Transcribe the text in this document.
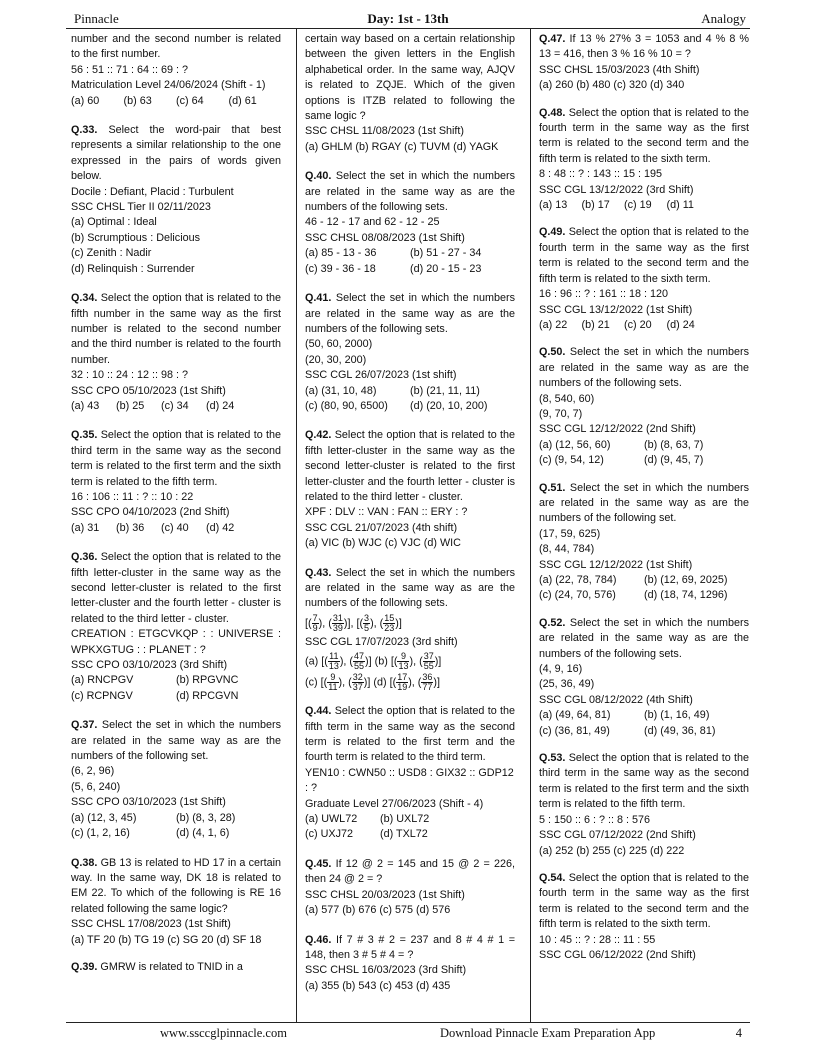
Pinnacle	Day: 1st - 13th	Analogy

number and the second number is related to the first number.

56 : 51 :: 71 : 64 :: 69 : ?

Matriculation Level 24/06/2024 (Shift - 1)

(a) 60	(b) 63	(c) 64	(d) 61

Q.33. Select the word-pair that best represents a similar relationship to the one expressed in the pairs of words given below.

Docile : Defiant, Placid : Turbulent

SSC CHSL Tier II 02/11/2023

(a) Optimal : Ideal

(b) Scrumptious : Delicious

(c) Zenith : Nadir

(d) Relinquish : Surrender

Q.34. Select the option that is related to the fifth number in the same way as the first number is related to the second number and the third number is related to the fourth number.

32 : 10 :: 24 : 12 :: 98 : ?

SSC CPO 05/10/2023 (1st Shift)

(a) 43	(b) 25	(c) 34	(d) 24

Q.35. Select the option that is related to the third term in the same way as the second term is related to the first term and the sixth term is related to the fifth term.

16 : 106 :: 11 : ? :: 10 : 22

SSC CPO 04/10/2023 (2nd Shift)

(a) 31	(b) 36	(c) 40	(d) 42

Q.36. Select the option that is related to the fifth letter-cluster in the same way as the second letter-cluster is related to the first letter-cluster and the fourth letter - cluster is related to the third letter - cluster.

CREATION : ETGCVKQP : : UNIVERSE : WPKXGTUG : : PLANET : ?

SSC CPO 03/10/2023 (3rd Shift)

(a) RNCPGV	(b) RPGVNC
(c) RCPNGV	(d) RPCGVN

Q.37. Select the set in which the numbers are related in the same way as are the numbers of the following set.

(6, 2, 96)

(5, 6, 240)

SSC CPO 03/10/2023 (1st Shift)

(a) (12, 3, 45)	(b) (8, 3, 28)
(c) (1, 2, 16)	(d) (4, 1, 6)

Q.38. GB 13 is related to HD 17 in a certain way. In the same way, DK 18 is related to EM 22. To which of the following is RE 16 related following the same logic?

SSC CHSL 17/08/2023 (1st Shift)

(a) TF 20 (b) TG 19 (c) SG 20 (d) SF 18

Q.39. GMRW is related to TNID in a

certain way based on a certain relationship between the given letters in the English alphabetical order. In the same way, AJQV is related to ZQJE. Which of the given options is ITZB related to following the same logic ?

SSC CHSL 11/08/2023 (1st Shift)

(a) GHLM (b) RGAY (c) TUVM (d) YAGK

Q.40. Select the set in which the numbers are related in the same way as are the numbers of the following sets.

46 - 12 - 17 and 62 - 12 - 25

SSC CHSL 08/08/2023 (1st Shift)

(a) 85 - 13 - 36	(b) 51 - 27 - 34
(c) 39 - 36 - 18	(d) 20 - 15 - 23

Q.41. Select the set in which the numbers are related in the same way as are the numbers of the following sets.

(50, 60, 2000)

(20, 30, 200)

SSC CGL 26/07/2023 (1st shift)

(a) (31, 10, 48)	(b) (21, 11, 11)
(c) (80, 90, 6500)	(d) (20, 10, 200)

Q.42. Select the option that is related to the fifth letter-cluster in the same way as the second letter-cluster is related to the first letter-cluster and the fourth letter - cluster is related to the third letter - cluster.

XPF : DLV :: VAN : FAN :: ERY : ?

SSC CGL 21/07/2023 (4th shift)

(a) VIC (b) WJC (c) VJC (d) WIC

Q.43. Select the set in which the numbers are related in the same way as are the numbers of the following sets.

[( $\frac{7}{9}$ ), ( $\frac{31}{39}$ )], [( $\frac{3}{5}$ ), ( $\frac{15}{23}$ )]

SSC CGL 17/07/2023 (3rd shift)

(a) [( $\frac{11}{13}$ ), ( $\frac{47}{55}$ )] (b) [( $\frac{9}{13}$ ), ( $\frac{37}{55}$ )]
(c) [( $\frac{9}{11}$ ), ( $\frac{32}{37}$ )] (d) [( $\frac{17}{19}$ ), ( $\frac{36}{77}$ )]

Q.44. Select the option that is related to the fifth term in the same way as the second term is related to the first term and the fourth term is related to the third term.

YEN10 : CWN50 :: USD8 : GIX32 :: GDP12 : ?

Graduate Level 27/06/2023 (Shift - 4)

(a) UWL72	(b) UXL72
(c) UXJ72	(d) TXL72

Q.45. If 12 @ 2 = 145 and 15 @ 2 = 226, then 24 @ 2 = ?

SSC CHSL 20/03/2023 (1st Shift)

(a) 577 (b) 676 (c) 575 (d) 576

Q.46. If 7 # 3 # 2 = 237 and 8 # 4 # 1 = 148, then 3 # 5 # 4 = ?

SSC CHSL 16/03/2023 (3rd Shift)

(a) 355 (b) 543 (c) 453 (d) 435

Q.47. If 13 % 27% 3 = 1053 and 4 % 8 % 13 = 416, then 3 % 16 % 10 = ?

SSC CHSL 15/03/2023 (4th Shift)

(a) 260 (b) 480 (c) 320 (d) 340

Q.48. Select the option that is related to the fourth term in the same way as the first term is related to the second term and the fifth term is related to the sixth term.

8 : 48 :: ? : 143 :: 15 : 195

SSC CGL 13/12/2022 (3rd Shift)

(a) 13	(b) 17	(c) 19	(d) 11

Q.49. Select the option that is related to the fourth term in the same way as the first term is related to the second term and the fifth term is related to the sixth term.

16 : 96 :: ? : 161 :: 18 : 120

SSC CGL 13/12/2022 (1st Shift)

(a) 22	(b) 21	(c) 20	(d) 24

Q.50. Select the set in which the numbers are related in the same way as are the numbers of the following sets.

(8, 540, 60)

(9, 70, 7)

SSC CGL 12/12/2022 (2nd Shift)

(a) (12, 56, 60)	(b) (8, 63, 7)
(c) (9, 54, 12)	(d) (9, 45, 7)

Q.51. Select the set in which the numbers are related in the same way as are the numbers of the following set.

(17, 59, 625)

(8, 44, 784)

SSC CGL 12/12/2022 (1st Shift)

(a) (22, 78, 784)	(b) (12, 69, 2025)
(c) (24, 70, 576)	(d) (18, 74, 1296)

Q.52. Select the set in which the numbers are related in the same way as are the numbers of the following sets.

(4, 9, 16)

(25, 36, 49)

SSC CGL 08/12/2022 (4th Shift)

(a) (49, 64, 81)	(b) (1, 16, 49)
(c) (36, 81, 49)	(d) (49, 36, 81)

Q.53. Select the option that is related to the third term in the same way as the second term is related to the first term and the sixth term is related to the fifth term.

5 : 150 :: 6 : ? :: 8 : 576

SSC CGL 07/12/2022 (2nd Shift)

(a) 252 (b) 255 (c) 225 (d) 222

Q.54. Select the option that is related to the fourth term in the same way as the first term is related to the second term and the fifth term is related to the sixth term.

10 : 45 :: ? : 28 :: 11 : 55

SSC CGL 06/12/2022 (2nd Shift)

www.ssccglpinnacle.com	Download Pinnacle Exam Preparation App	4
